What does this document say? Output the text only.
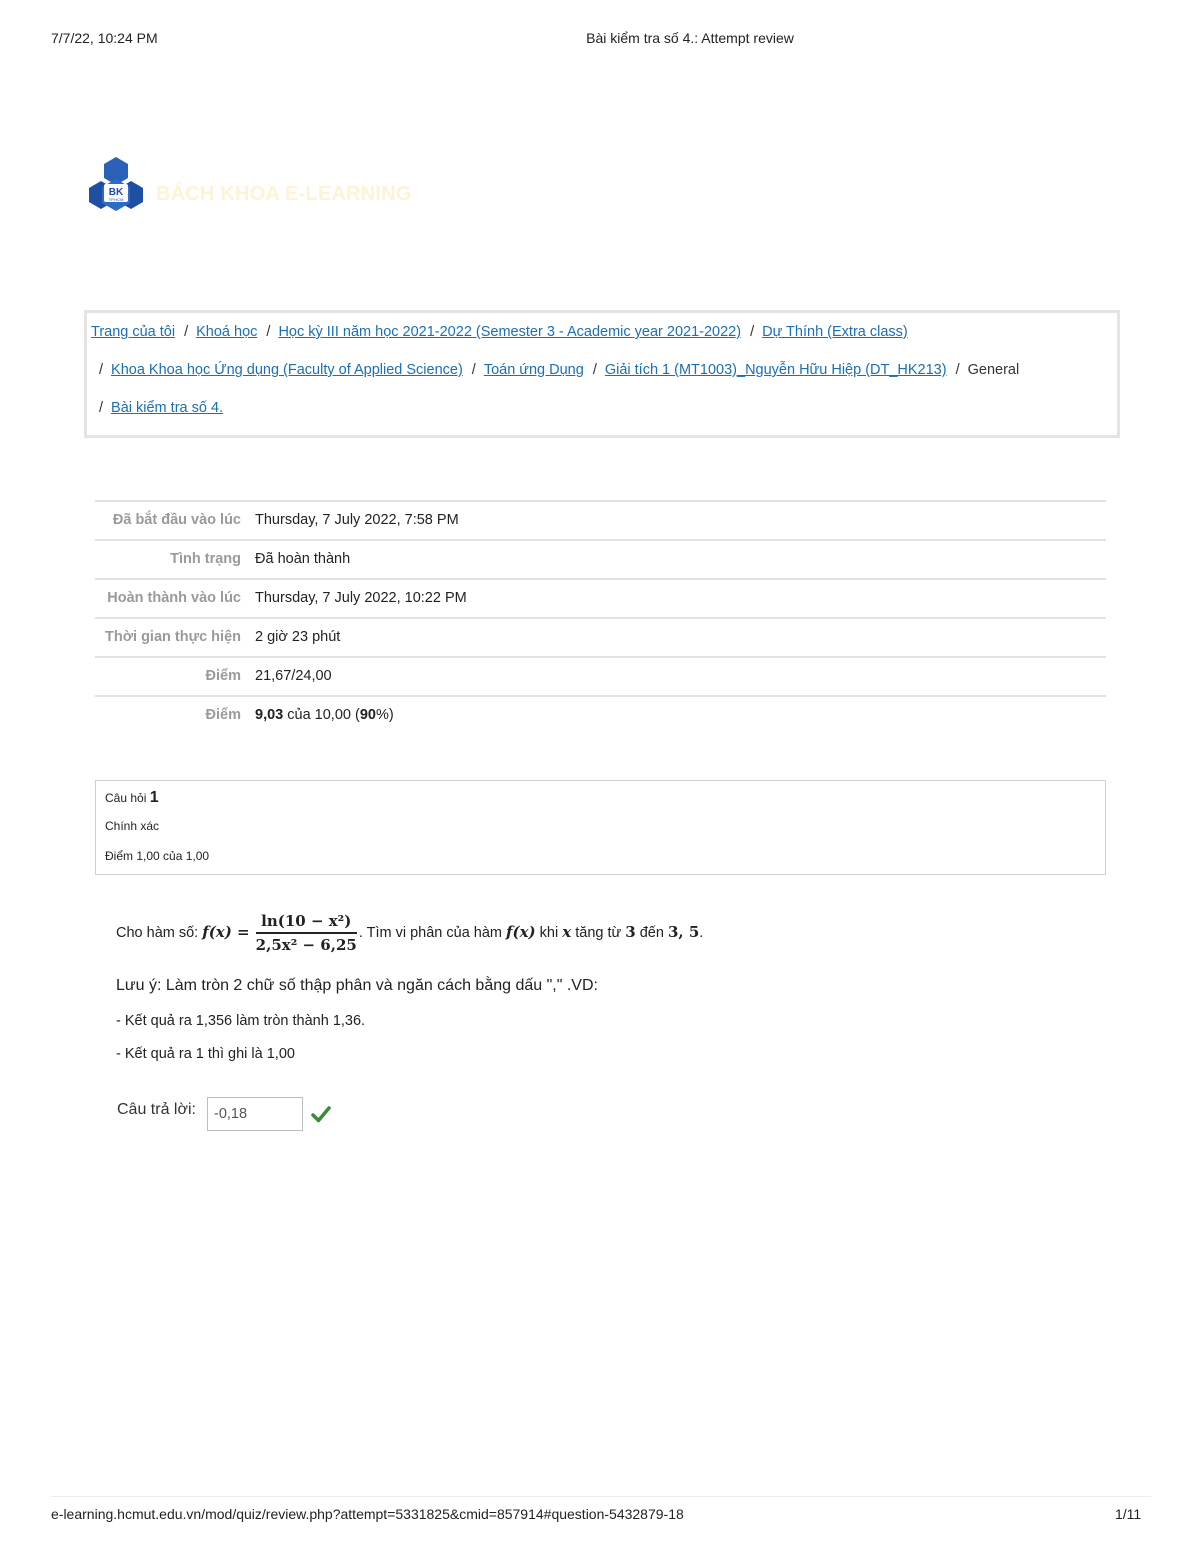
7/7/22, 10:24 PM	Bài kiểm tra số 4.: Attempt review
BK
TP.HCM BÁCH KHOA E-LEARNING
Trang của tôi / Khoá học / Học kỳ III năm học 2021-2022 (Semester 3 - Academic year 2021-2022) / Dự Thính (Extra class)
/ Khoa Khoa học Ứng dụng (Faculty of Applied Science) / Toán ứng Dụng / Giải tích 1 (MT1003)_Nguyễn Hữu Hiệp (DT_HK213) / General
/ Bài kiểm tra số 4.
Đã bắt đầu vào lúc	Thursday, 7 July 2022, 7:58 PM
Tình trạng	Đã hoàn thành
Hoàn thành vào lúc	Thursday, 7 July 2022, 10:22 PM
Thời gian thực hiện	2 giờ 23 phút
Điểm	21,67/24,00
Điểm	9,03 của 10,00 (90%)
Câu hỏi 1
Chính xác
Điểm 1,00 của 1,00
Cho hàm số: $f(x) = \frac{\text{ln(10 − x²)}}{\text{2,5x² − 6,25}}$ . Tìm vi phân của hàm f(x) khi x tăng từ 3 đến 3, 5.
Lưu ý: Làm tròn 2 chữ số thập phân và ngăn cách bằng dấu "," .VD:
- Kết quả ra 1,356 làm tròn thành 1,36.
- Kết quả ra 1 thì ghi là 1,00
Câu trả lời:
-0,18
e-learning.hcmut.edu.vn/mod/quiz/review.php?attempt=5331825&cmid=857914#question-5432879-18	1/11
